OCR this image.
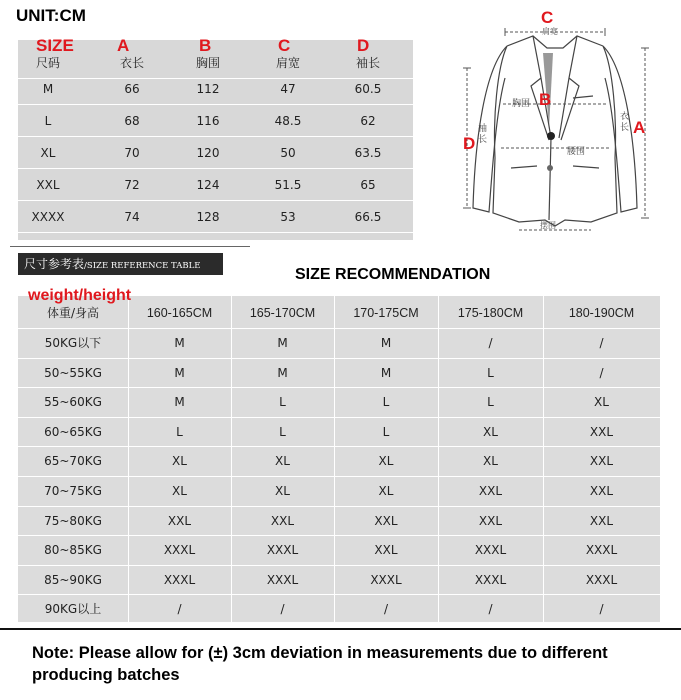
UNIT:CM
尺码	衣长	胸围	肩宽	袖长
M	66	112	47	60.5
L	68	116	48.5	62
XL	70	120	50	63.5
XXL	72	124	51.5	65
XXXX	74	128	53	66.5
SIZE	A	B	C	D
C
肩宽
胸围 B
腰围
摆围
衣长 A
袖长
D
尺寸参考表/SIZE REFERENCE TABLE	SIZE RECOMMENDATION
体重/身高	160-165CM	165-170CM	170-175CM	175-180CM	180-190CM
50KG以下	M	M	M	/	/
50~55KG	M	M	M	L	/
55~60KG	M	L	L	L	XL
60~65KG	L	L	L	XL	XXL
65~70KG	XL	XL	XL	XL	XXL
70~75KG	XL	XL	XL	XXL	XXL
75~80KG	XXL	XXL	XXL	XXL	XXL
80~85KG	XXXL	XXXL	XXL	XXXL	XXXL
85~90KG	XXXL	XXXL	XXXL	XXXL	XXXL
90KG以上	/	/	/	/	/
weight/height
Note: Please allow for (±) 3cm deviation in measurements due to different producing batches
